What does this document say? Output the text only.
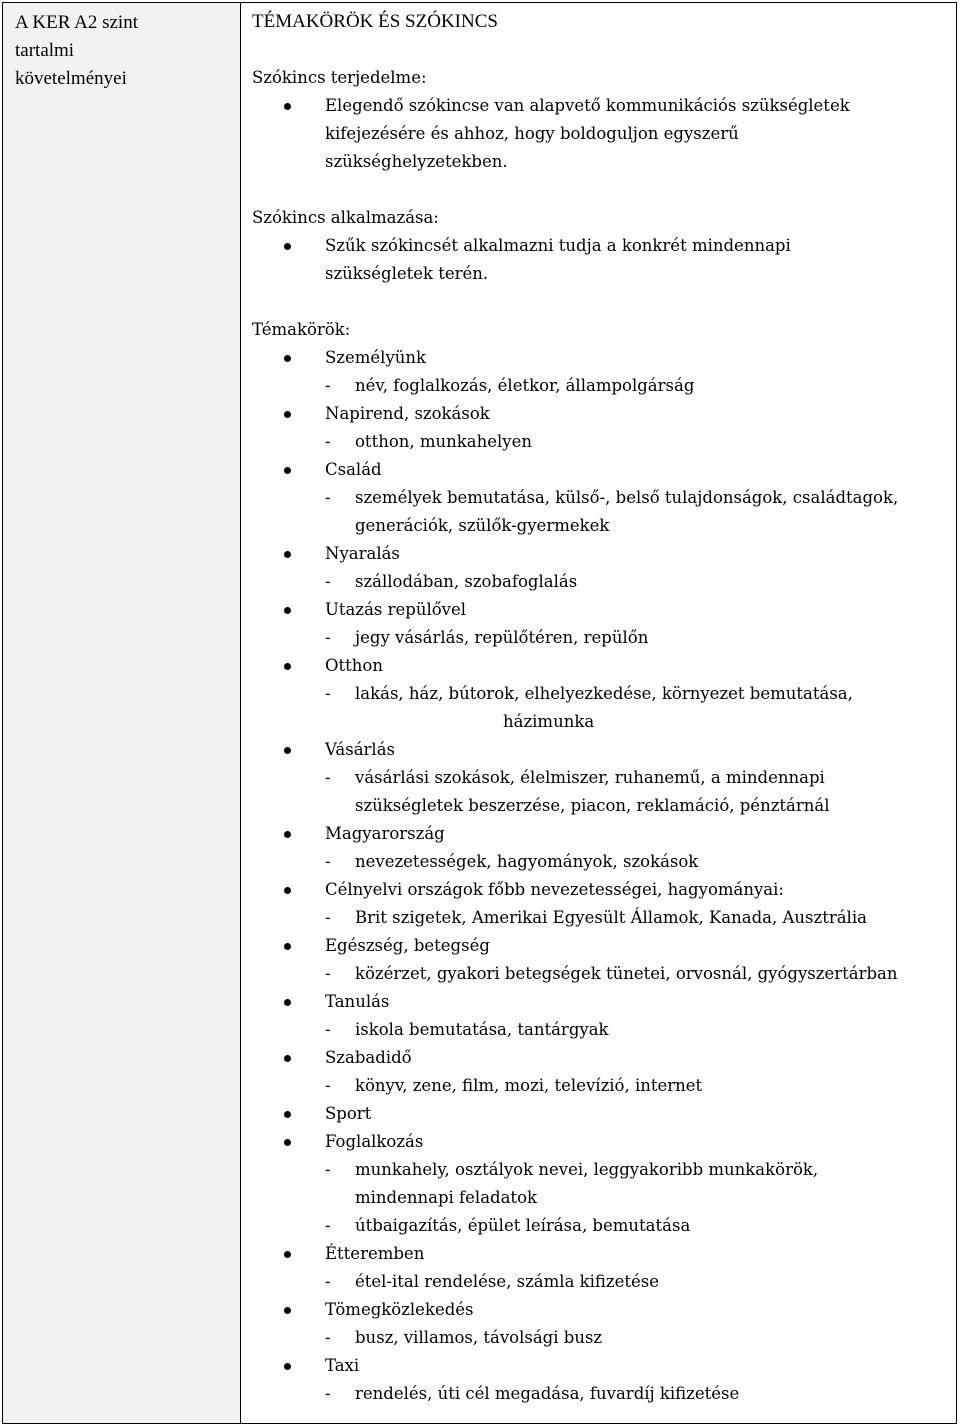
A KER A2 szint
tartalmi
követelményei
TÉMAKÖRÖK ÉS SZÓKINCS
Szókincs terjedelme:
Elegendő szókincse van alapvető kommunikációs szükségletek
kifejezésére és ahhoz, hogy boldoguljon egyszerű
szükséghelyzetekben.
Szókincs alkalmazása:
Szűk szókincsét alkalmazni tudja a konkrét mindennapi
szükségletek terén.
Témakörök:
Személyünk
- név, foglalkozás, életkor, állampolgárság
Napirend, szokások
- otthon, munkahelyen
Család
- személyek bemutatása, külső-, belső tulajdonságok, családtagok,
generációk, szülők-gyermekek
Nyaralás
- szállodában, szobafoglalás
Utazás repülővel
- jegy vásárlás, repülőtéren, repülőn
Otthon
- lakás, ház, bútorok, elhelyezkedése, környezet bemutatása,
házimunka
Vásárlás
- vásárlási szokások, élelmiszer, ruhanemű, a mindennapi
szükségletek beszerzése, piacon, reklamáció, pénztárnál
Magyarország
- nevezetességek, hagyományok, szokások
Célnyelvi országok főbb nevezetességei, hagyományai:
- Brit szigetek, Amerikai Egyesült Államok, Kanada, Ausztrália
Egészség, betegség
- közérzet, gyakori betegségek tünetei, orvosnál, gyógyszertárban
Tanulás
- iskola bemutatása, tantárgyak
Szabadidő
- könyv, zene, film, mozi, televízió, internet
Sport
Foglalkozás
- munkahely, osztályok nevei, leggyakoribb munkakörök,
mindennapi feladatok
- útbaigazítás, épület leírása, bemutatása
Étteremben
- étel-ital rendelése, számla kifizetése
Tömegközlekedés
- busz, villamos, távolsági busz
Taxi
- rendelés, úti cél megadása, fuvardíj kifizetése
